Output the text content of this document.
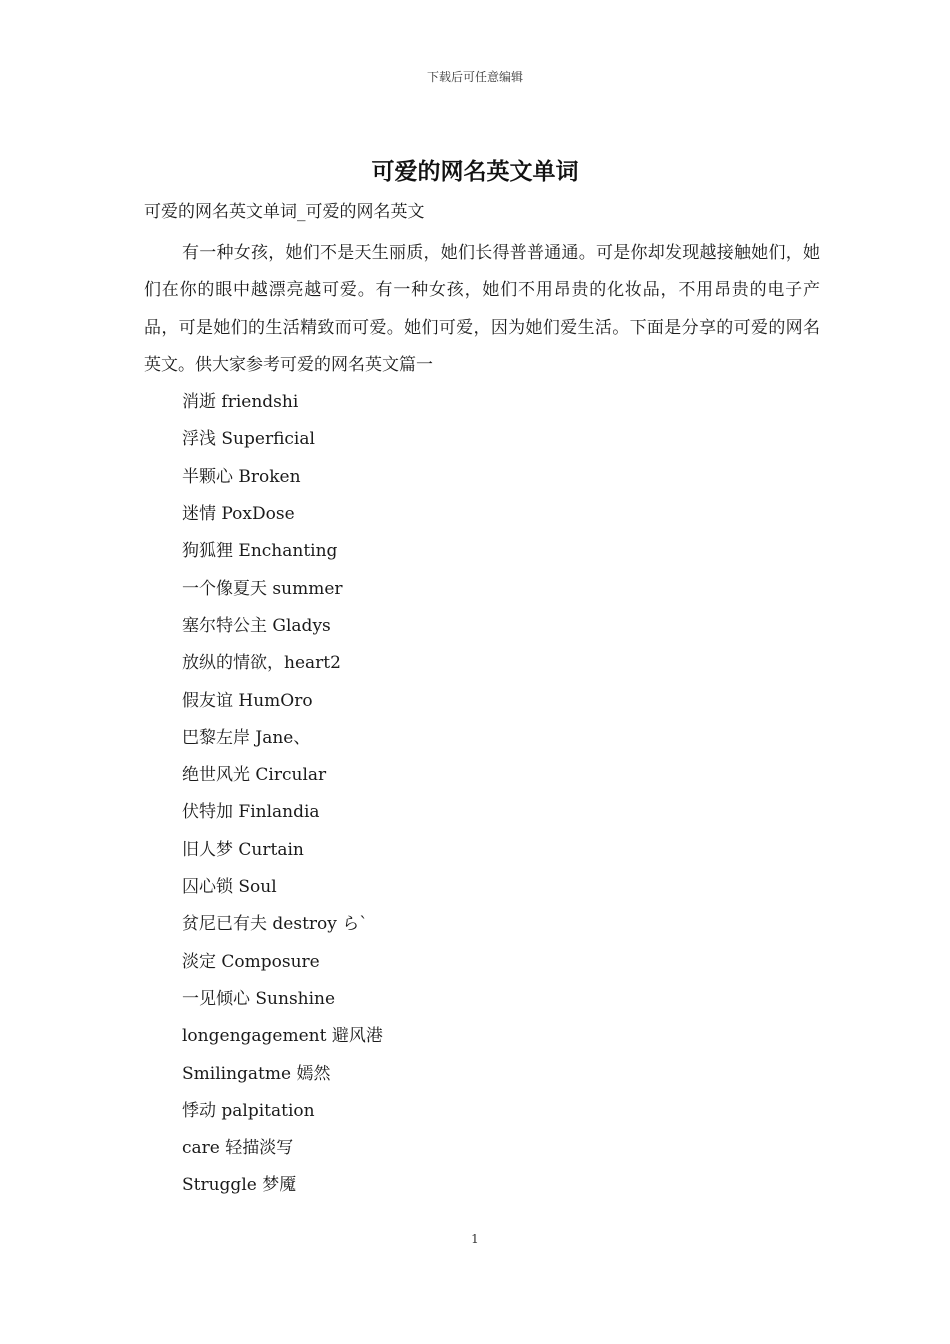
下载后可任意编辑
可爱的网名英文单词

可爱的网名英文单词_可爱的网名英文

有一种女孩，她们不是天生丽质，她们长得普普通通。可是你却发现越接触她们，她们在你的眼中越漂亮越可爱。有一种女孩，她们不用昂贵的化妆品，不用昂贵的电子产品，可是她们的生活精致而可爱。她们可爱，因为她们爱生活。下面是分享的可爱的网名英文。供大家参考可爱的网名英文篇一

消逝 friendshi
浮浅 Superficial
半颗心 Broken
迷情 PoxDose
狗狐狸 Enchanting
一个像夏天 summer
塞尔特公主 Gladys
放纵的情欲，heart2
假友谊 HumOro
巴黎左岸 Jane、
绝世风光 Circular
伏特加 Finlandia
旧人梦 Curtain
囚心锁 Soul
贫尼已有夫 destroy ら`
淡定 Composure
一见倾心 Sunshine
longengagement 避风港
Smilingatme 嫣然
悸动 palpitation
care 轻描淡写
Struggle 梦魇
1
